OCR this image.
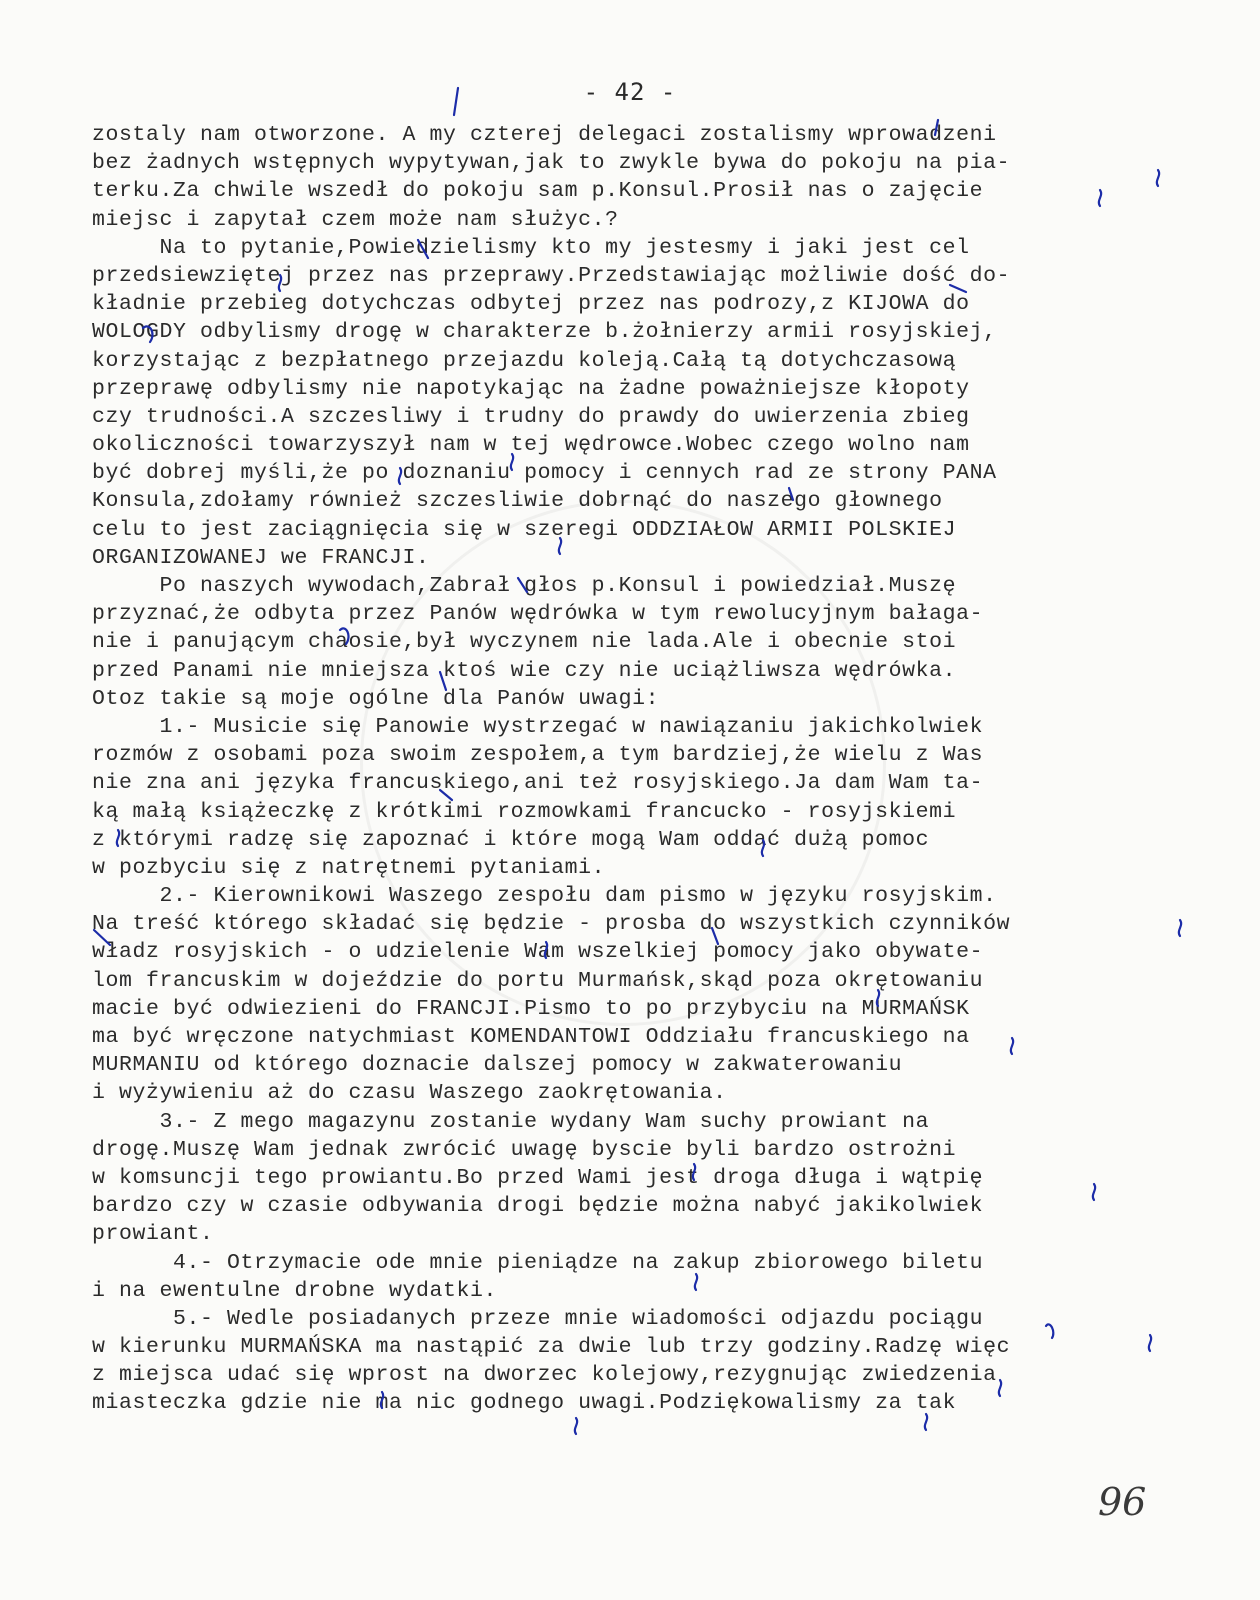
- 42 -
zostaly nam otworzone. A my czterej delegaci zostalismy wprowadzeni
bez żadnych wstępnych wypytywan,jak to zwykle bywa do pokoju na pia-
terku.Za chwile wszedł do pokoju sam p.Konsul.Prosił nas o zajęcie
miejsc i zapytał czem może nam służyc.?
Na to pytanie,Powiedzielismy kto my jestesmy i jaki jest cel
przedsiewziętej przez nas przeprawy.Przedstawiając możliwie dość do-
kładnie przebieg dotychczas odbytej przez nas podrozy,z KIJOWA do
WOLOGDY odbylismy drogę w charakterze b.żołnierzy armii rosyjskiej,
korzystając z bezpłatnego przejazdu koleją.Całą tą dotychczasową
przeprawę odbylismy nie napotykając na żadne poważniejsze kłopoty
czy trudności.A szczesliwy i trudny do prawdy do uwierzenia zbieg
okoliczności towarzyszył nam w tej wędrowce.Wobec czego wolno nam
być dobrej myśli,że po doznaniu pomocy i cennych rad ze strony PANA
Konsula,zdołamy również szczesliwie dobrnąć do naszego głownego
celu to jest zaciągnięcia się w szeregi ODDZIAŁOW ARMII POLSKIEJ
ORGANIZOWANEJ we FRANCJI.
Po naszych wywodach,Zabrał głos p.Konsul i powiedział.Muszę
przyznać,że odbyta przez Panów wędrówka w tym rewolucyjnym bałaga-
nie i panującym chaosie,był wyczynem nie lada.Ale i obecnie stoi
przed Panami nie mniejsza ktoś wie czy nie uciążliwsza wędrówka.
Otoz takie są moje ogólne dla Panów uwagi:
1.- Musicie się Panowie wystrzegać w nawiązaniu jakichkolwiek
rozmów z osobami poza swoim zespołem,a tym bardziej,że wielu z Was
nie zna ani języka francuskiego,ani też rosyjskiego.Ja dam Wam ta-
ką małą książeczkę z krótkimi rozmowkami francucko - rosyjskiemi
z którymi radzę się zapoznać i które mogą Wam oddać dużą pomoc
w pozbyciu się z natrętnemi pytaniami.
2.- Kierownikowi Waszego zespołu dam pismo w języku rosyjskim.
Na treść którego składać się będzie - prosba do wszystkich czynników
władz rosyjskich - o udzielenie Wam wszelkiej pomocy jako obywate-
lom francuskim w dojeździe do portu Murmańsk,skąd poza okrętowaniu
macie być odwiezieni do FRANCJI.Pismo to po przybyciu na MURMAŃSK
ma być wręczone natychmiast KOMENDANTOWI Oddziału francuskiego na
MURMANIU od którego doznacie dalszej pomocy w zakwaterowaniu
i wyżywieniu aż do czasu Waszego zaokrętowania.
3.- Z mego magazynu zostanie wydany Wam suchy prowiant na
drogę.Muszę Wam jednak zwrócić uwagę byscie byli bardzo ostrożni
w komsuncji tego prowiantu.Bo przed Wami jest droga długa i wątpię
bardzo czy w czasie odbywania drogi będzie można nabyć jakikolwiek
prowiant.
4.- Otrzymacie ode mnie pieniądze na zakup zbiorowego biletu
i na ewentulne drobne wydatki.
5.- Wedle posiadanych przeze mnie wiadomości odjazdu pociągu
w kierunku MURMAŃSKA ma nastąpić za dwie lub trzy godziny.Radzę więc
z miejsca udać się wprost na dworzec kolejowy,rezygnując zwiedzenia
miasteczka gdzie nie ma nic godnego uwagi.Podziękowalismy za tak
96
